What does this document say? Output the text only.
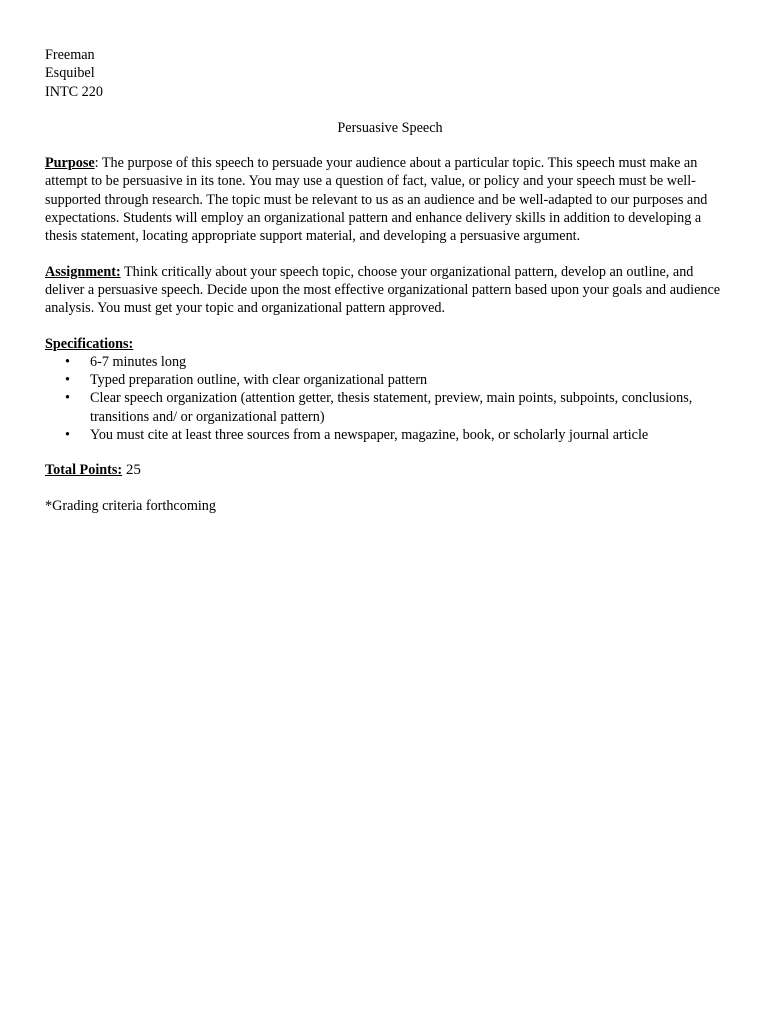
Freeman
Esquibel
INTC 220
Persuasive Speech

Purpose: The purpose of this speech to persuade your audience about a particular topic. This speech must make an attempt to be persuasive in its tone. You may use a question of fact, value, or policy and your speech must be well-supported through research. The topic must be relevant to us as an audience and be well-adapted to our purposes and expectations. Students will employ an organizational pattern and enhance delivery skills in addition to developing a thesis statement, locating appropriate support material, and developing a persuasive argument.

Assignment: Think critically about your speech topic, choose your organizational pattern, develop an outline, and deliver a persuasive speech. Decide upon the most effective organizational pattern based upon your goals and audience analysis. You must get your topic and organizational pattern approved.

Specifications:
• 6-7 minutes long
• Typed preparation outline, with clear organizational pattern
• Clear speech organization (attention getter, thesis statement, preview, main points, subpoints, conclusions, transitions and/ or organizational pattern)
• You must cite at least three sources from a newspaper, magazine, book, or scholarly journal article
Total Points: 25
*Grading criteria forthcoming
